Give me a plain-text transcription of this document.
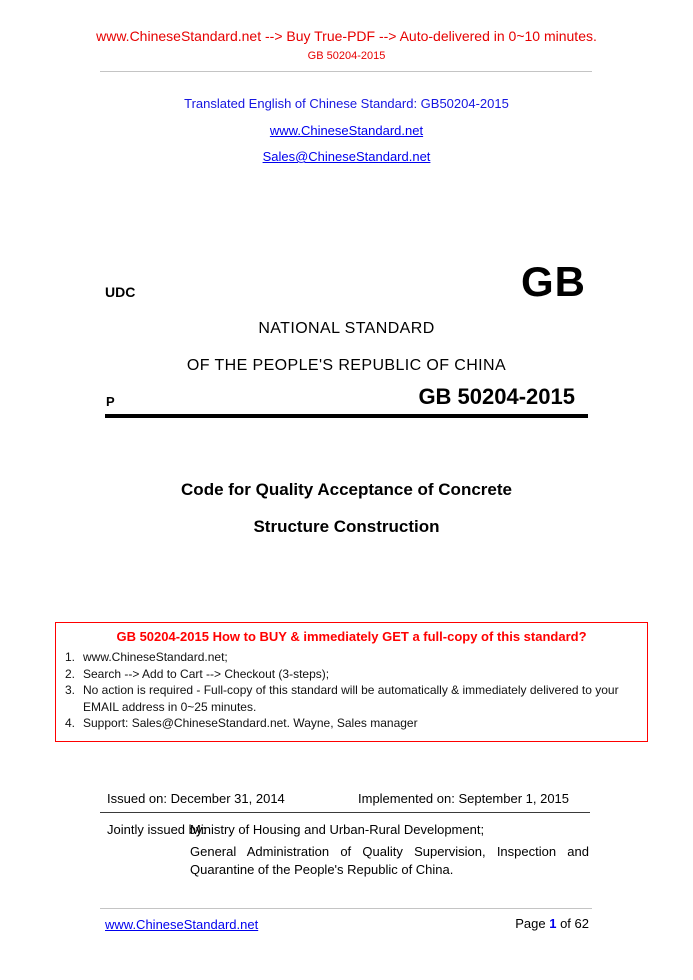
www.ChineseStandard.net --> Buy True-PDF --> Auto-delivered in 0~10 minutes.
GB 50204-2015
Translated English of Chinese Standard: GB50204-2015
www.ChineseStandard.net
Sales@ChineseStandard.net
UDC	GB
NATIONAL STANDARD
OF THE PEOPLE'S REPUBLIC OF CHINA
P	GB 50204-2015
Code for Quality Acceptance of Concrete
Structure Construction
GB 50204-2015 How to BUY & immediately GET a full-copy of this standard?
1. www.ChineseStandard.net;
2. Search --> Add to Cart --> Checkout (3-steps);
3. No action is required - Full-copy of this standard will be automatically & immediately delivered to your EMAIL address in 0~25 minutes.
4. Support: Sales@ChineseStandard.net. Wayne, Sales manager
Issued on: December 31, 2014	Implemented on: September 1, 2015
Jointly issued by:
Ministry of Housing and Urban-Rural Development;
General Administration of Quality Supervision, Inspection and Quarantine of the People's Republic of China.
www.ChineseStandard.net	Page 1 of 62
